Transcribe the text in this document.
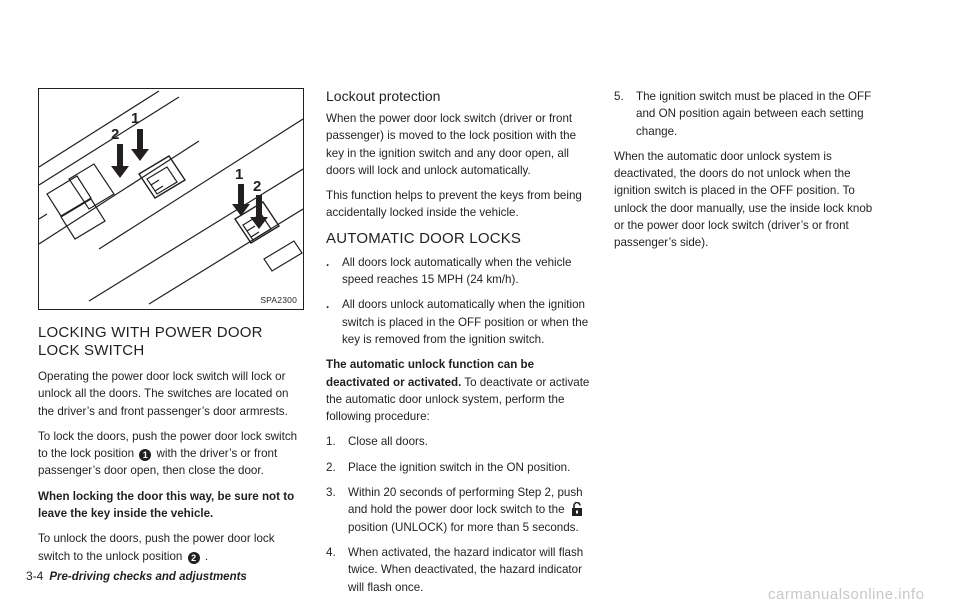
1
2
1
2
SPA2300
LOCKING WITH POWER DOOR LOCK SWITCH

Operating the power door lock switch will lock or unlock all the doors. The switches are located on the driver’s and front passenger’s door armrests.

To lock the doors, push the power door lock switch to the lock position 1 with the driver’s or front passenger’s door open, then close the door.

When locking the door this way, be sure not to leave the key inside the vehicle.

To unlock the doors, push the power door lock switch to the unlock position 2 .

Lockout protection

When the power door lock switch (driver or front passenger) is moved to the lock position with the key in the ignition switch and any door open, all doors will lock and unlock automatically.

This function helps to prevent the keys from being accidentally locked inside the vehicle.

AUTOMATIC DOOR LOCKS
. All doors lock automatically when the vehicle speed reaches 15 MPH (24 km/h).
. All doors unlock automatically when the ignition switch is placed in the OFF position or when the key is removed from the ignition switch.

The automatic unlock function can be deactivated or activated. To deactivate or activate the automatic door unlock system, perform the following procedure:

1. Close all doors.
2. Place the ignition switch in the ON position.
3. Within 20 seconds of performing Step 2, push and hold the power door lock switch to the position (UNLOCK) for more than 5 seconds.
4. When activated, the hazard indicator will flash twice. When deactivated, the hazard indicator will flash once.
5. The ignition switch must be placed in the OFF and ON position again between each setting change.

When the automatic door unlock system is deactivated, the doors do not unlock when the ignition switch is placed in the OFF position. To unlock the door manually, use the inside lock knob or the power door lock switch (driver’s or front passenger’s side).

3-4 Pre-driving checks and adjustments
carmanualsonline.info
